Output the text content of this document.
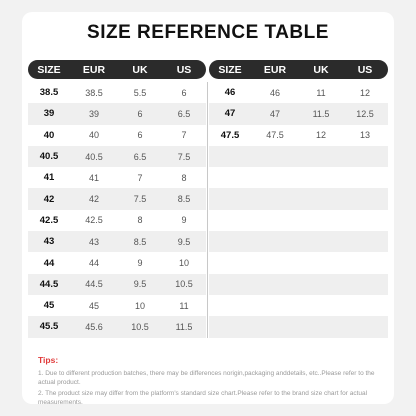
SIZE REFERENCE TABLE
SIZE	EUR	UK	US	SIZE	EUR	UK	US
38.5	38.5	5.5	6
39	39	6	6.5
40	40	6	7
40.5	40.5	6.5	7.5
41	41	7	8
42	42	7.5	8.5
42.5	42.5	8	9
43	43	8.5	9.5
44	44	9	10
44.5	44.5	9.5	10.5
45	45	10	11
45.5	45.6	10.5	11.5
46	46	11	12
47	47	11.5	12.5
47.5	47.5	12	13
Tips:
1. Due to different production batches, there may be differences norigin,packaging anddetails, etc..Please refer to the actual product.
2. The product size may differ from the platform's standard size chart.Please refer to the brand size chart for actual measurements.
